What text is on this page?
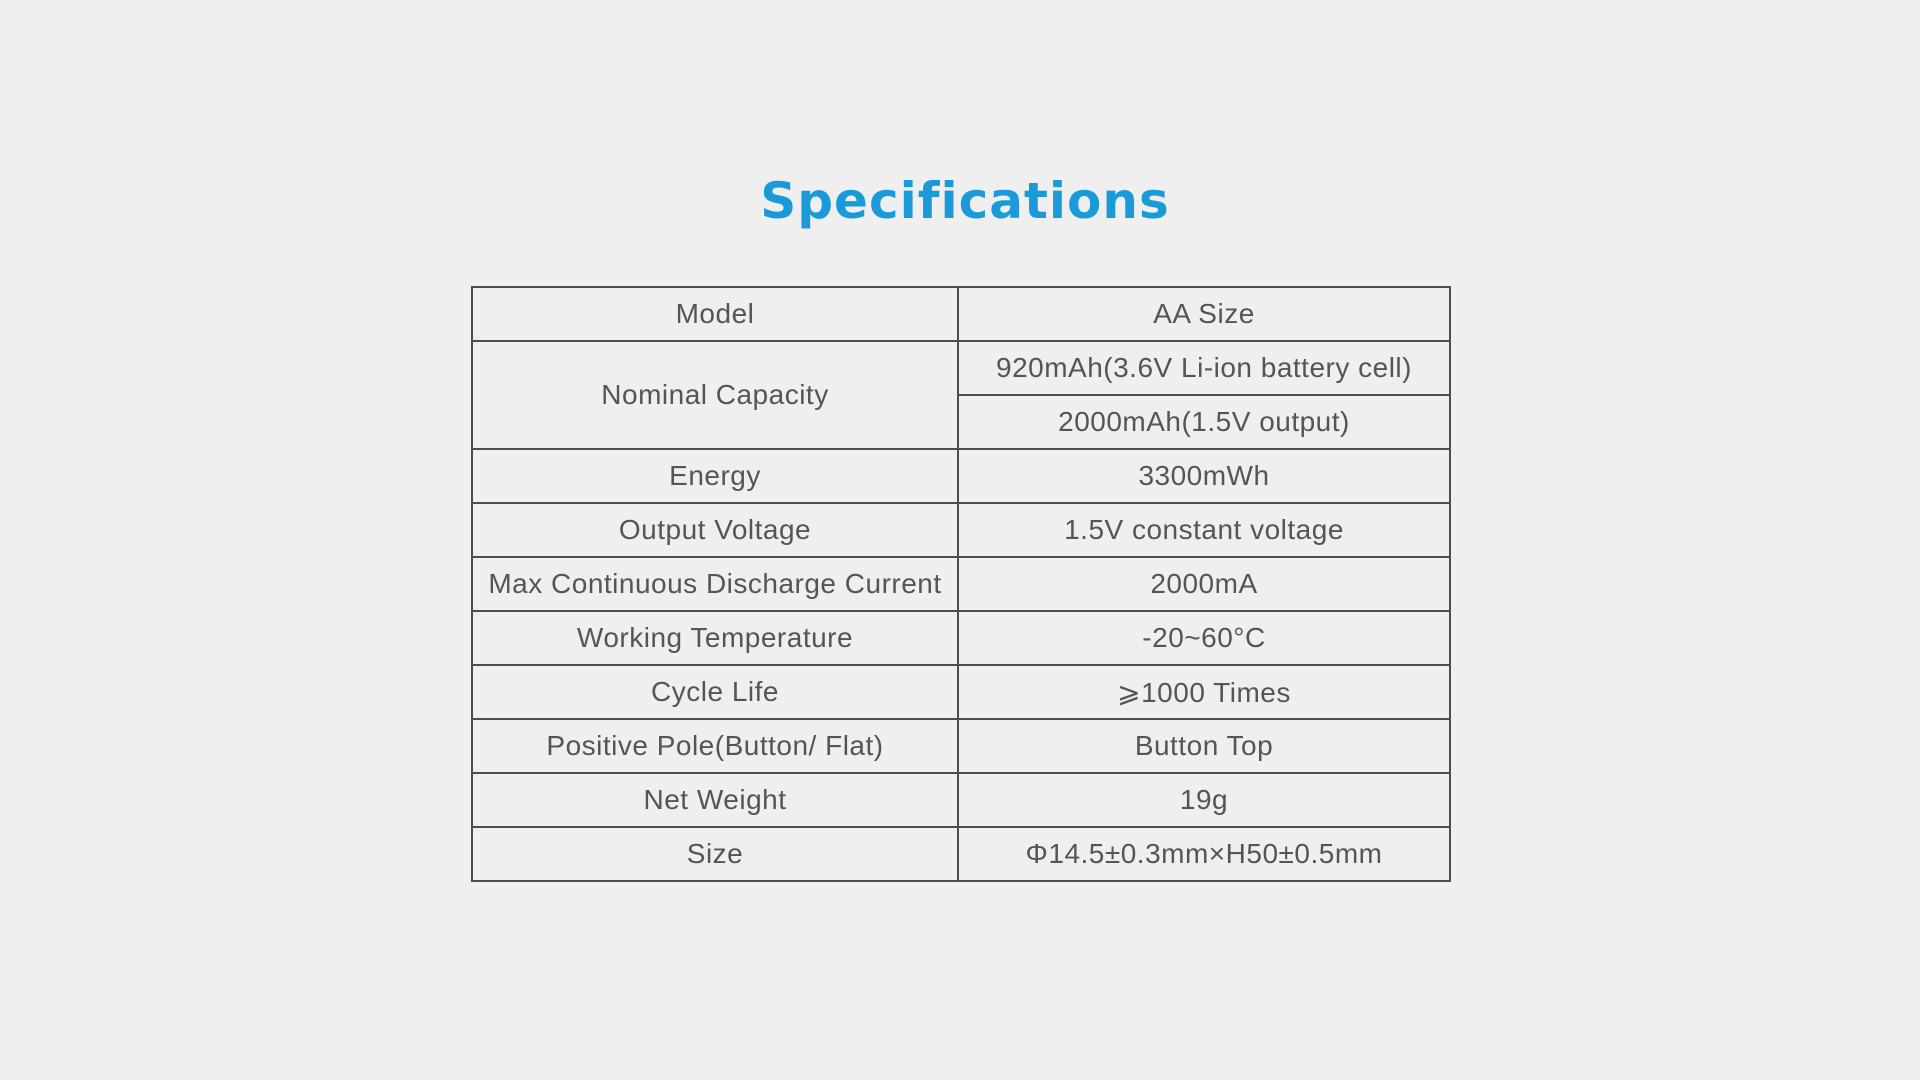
Specifications
Model	AA Size
Nominal Capacity	920mAh(3.6V Li-ion battery cell)
	2000mAh(1.5V output)
Energy	3300mWh
Output Voltage	1.5V constant voltage
Max Continuous Discharge Current	2000mA
Working Temperature	-20~60°C
Cycle Life	⩾1000 Times
Positive Pole(Button/ Flat)	Button Top
Net Weight	19g
Size	Φ14.5±0.3mm×H50±0.5mm
